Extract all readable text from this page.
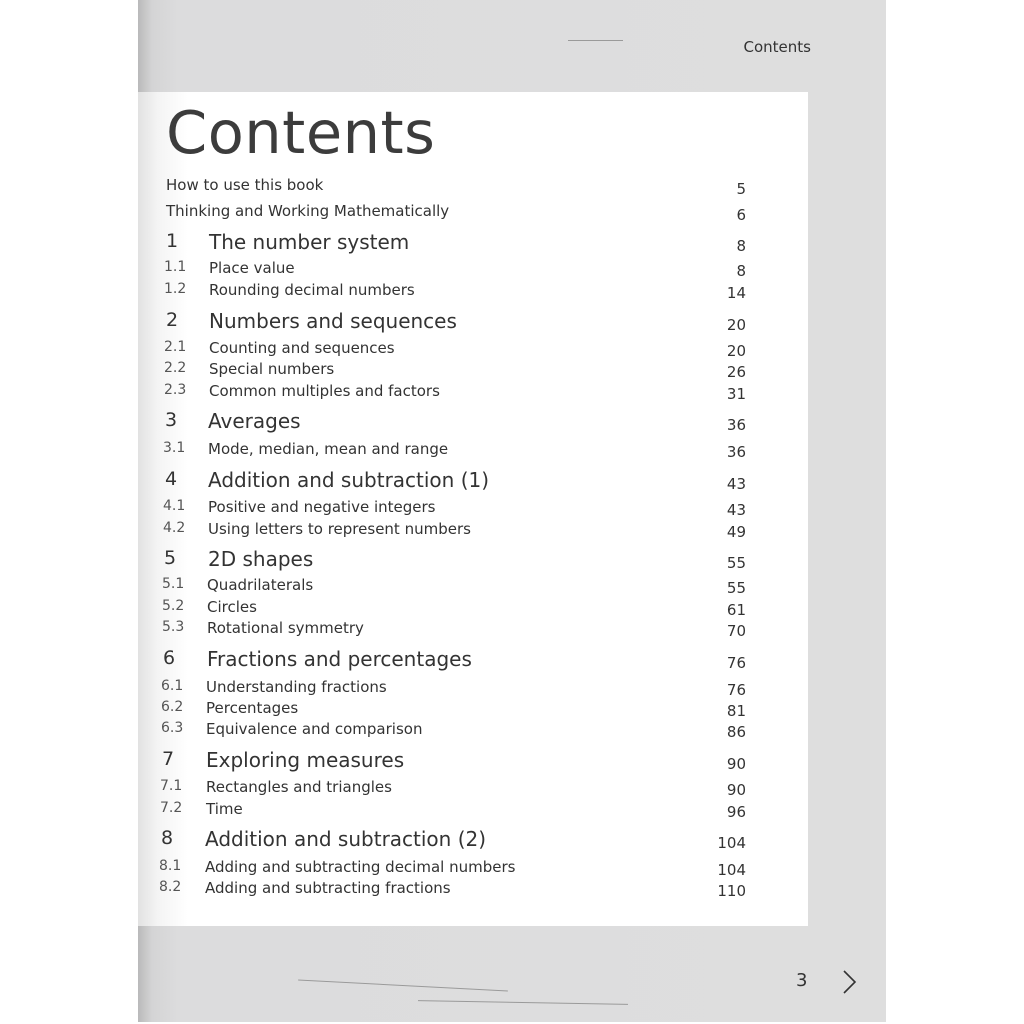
Contents
Contents
How to use this book	5
Thinking and Working Mathematically	6
1 The number system	8
1.1 Place value	8
1.2 Rounding decimal numbers	14
2 Numbers and sequences	20
2.1 Counting and sequences	20
2.2 Special numbers	26
2.3 Common multiples and factors	31
3 Averages	36
3.1 Mode, median, mean and range	36
4 Addition and subtraction (1)	43
4.1 Positive and negative integers	43
4.2 Using letters to represent numbers	49
5 2D shapes	55
5.1 Quadrilaterals	55
5.2 Circles	61
5.3 Rotational symmetry	70
6 Fractions and percentages	76
6.1 Understanding fractions	76
6.2 Percentages	81
6.3 Equivalence and comparison	86
7 Exploring measures	90
7.1 Rectangles and triangles	90
7.2 Time	96
8 Addition and subtraction (2)	104
8.1 Adding and subtracting decimal numbers	104
8.2 Adding and subtracting fractions	110
3
